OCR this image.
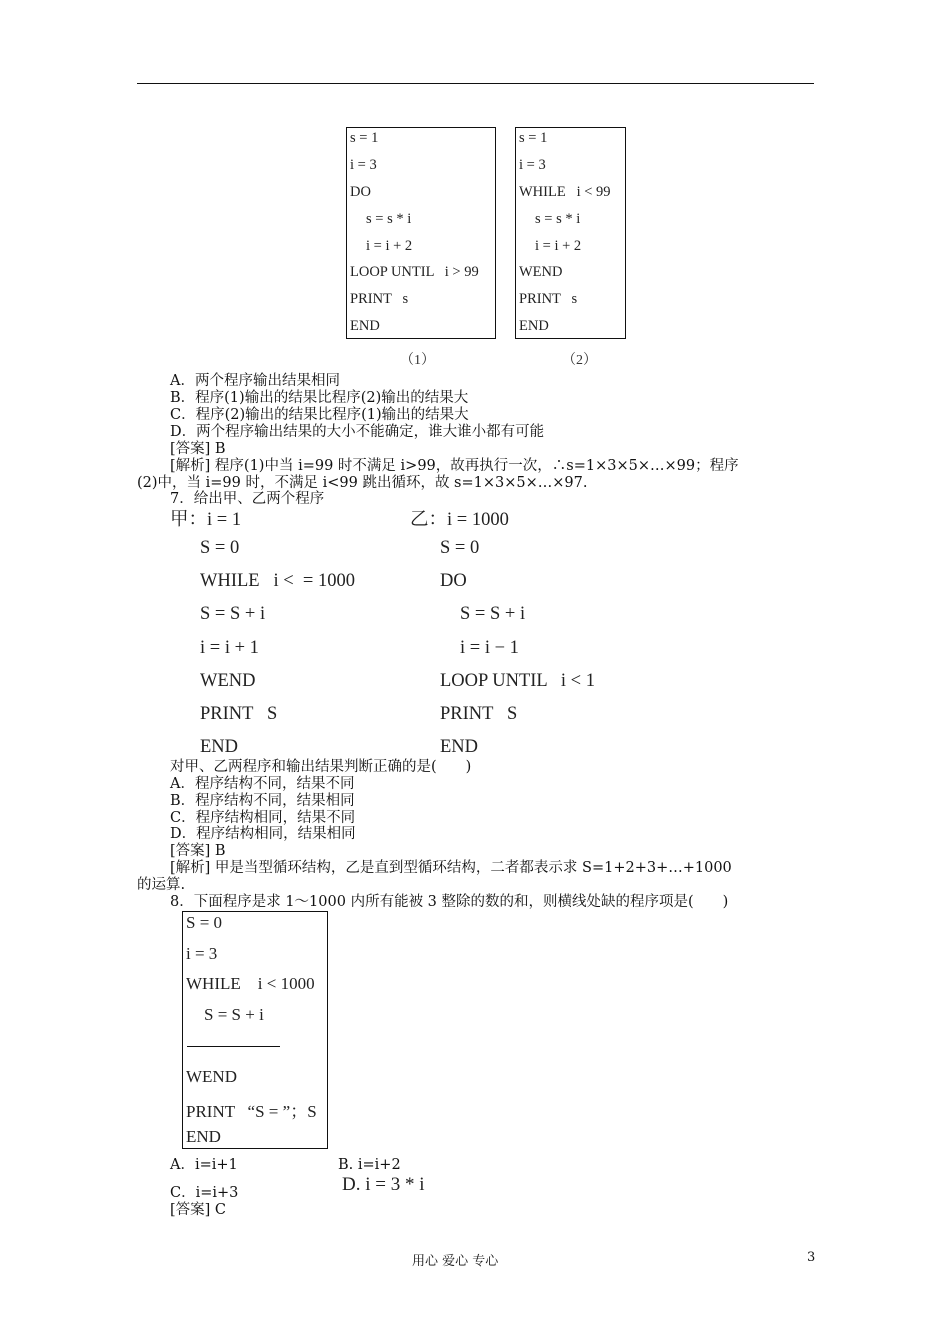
s = 1
i = 3
DO
s = s * i
i = i + 2
LOOP UNTIL   i > 99
PRINT   s
END
s = 1
i = 3
WHILE   i < 99
s = s * i
i = i + 2
WEND
PRINT   s
END
（1）	（2）
A．两个程序输出结果相同
B．程序(1)输出的结果比程序(2)输出的结果大
C．程序(2)输出的结果比程序(1)输出的结果大
D．两个程序输出结果的大小不能确定，谁大谁小都有可能
[答案] B
[解析] 程序(1)中当 i=99 时不满足 i>99，故再执行一次，∴s=1×3×5×…×99；程序
(2)中，当 i=99 时，不满足 i<99 跳出循环，故 s=1×3×5×…×97.
7．给出甲、乙两个程序
甲：i = 1
S = 0
WHILE   i <  = 1000
S = S + i
i = i + 1
WEND
PRINT   S
END
乙：i = 1000
S = 0
DO
S = S + i
i = i − 1
LOOP UNTIL   i < 1
PRINT   S
END
对甲、乙两程序和输出结果判断正确的是(　　)
A．程序结构不同，结果不同
B．程序结构不同，结果相同
C．程序结构相同，结果不同
D．程序结构相同，结果相同
[答案] B
[解析] 甲是当型循环结构，乙是直到型循环结构，二者都表示求 S=1+2+3+…+1000
的运算.
8．下面程序是求 1～1000 内所有能被 3 整除的数的和，则横线处缺的程序项是(　　)
S = 0
i = 3
WHILE    i < 1000
S = S + i
WEND
PRINT   “S = ”；S
END
A．i=i+1	B. i=i+2
C．i=i+3	D. i = 3 * i
[答案] C
用心 爱心 专心	3
